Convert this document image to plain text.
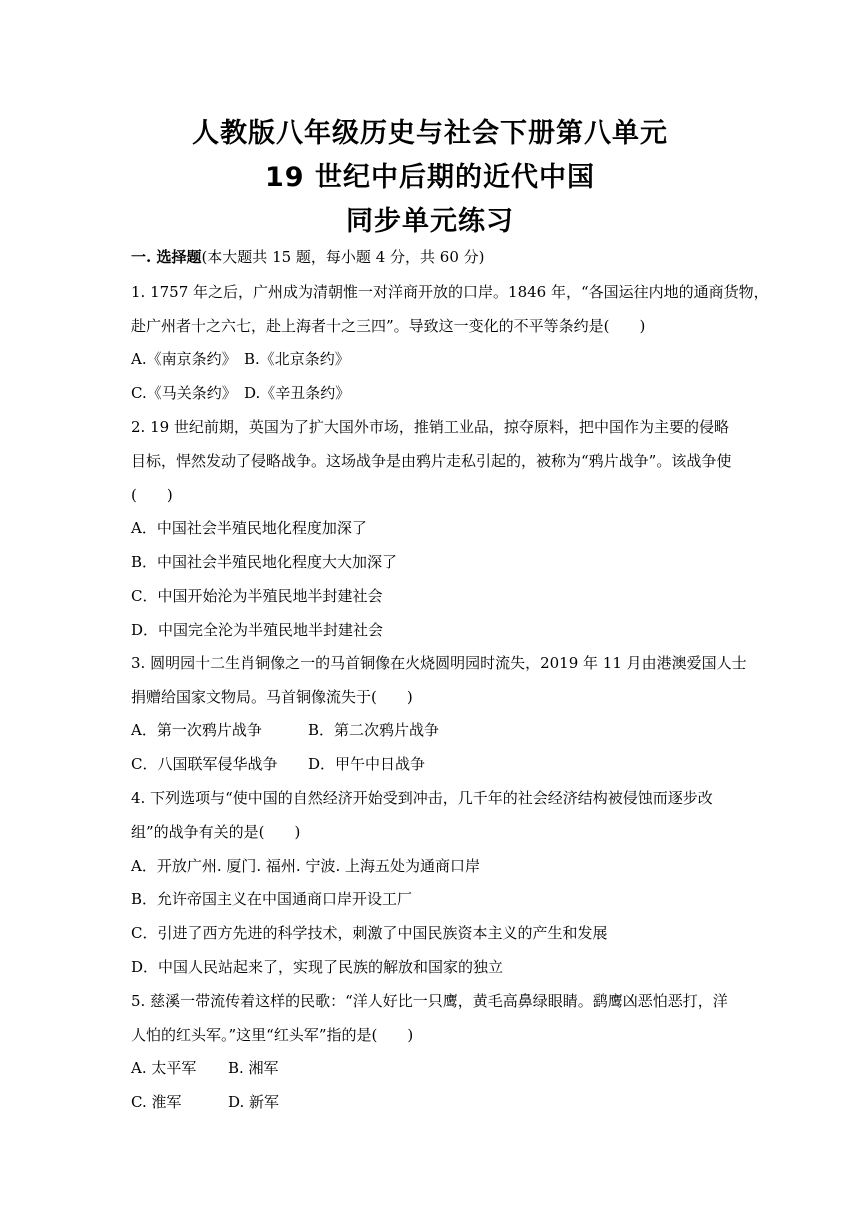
人教版八年级历史与社会下册第八单元
19 世纪中后期的近代中国
同步单元练习
一. 选择题(本大题共 15 题，每小题 4 分，共 60 分)
1. 1757 年之后，广州成为清朝惟一对洋商开放的口岸。1846 年，“各国运往内地的通商货物，
赴广州者十之六七，赴上海者十之三四”。导致这一变化的不平等条约是(　　)
A.《南京条约》 B.《北京条约》
C.《马关条约》 D.《辛丑条约》
2. 19 世纪前期，英国为了扩大国外市场，推销工业品，掠夺原料，把中国作为主要的侵略
目标，悍然发动了侵略战争。这场战争是由鸦片走私引起的，被称为“鸦片战争”。该战争使
(　　)
A．中国社会半殖民地化程度加深了
B．中国社会半殖民地化程度大大加深了
C．中国开始沦为半殖民地半封建社会
D．中国完全沦为半殖民地半封建社会
3. 圆明园十二生肖铜像之一的马首铜像在火烧圆明园时流失，2019 年 11 月由港澳爱国人士
捐赠给国家文物局。马首铜像流失于(　　)
A．第一次鸦片战争	B．第二次鸦片战争
C．八国联军侵华战争 D．甲午中日战争
4. 下列选项与“使中国的自然经济开始受到冲击，几千年的社会经济结构被侵蚀而逐步改
组”的战争有关的是(　　)
A．开放广州. 厦门. 福州. 宁波. 上海五处为通商口岸
B．允许帝国主义在中国通商口岸开设工厂
C．引进了西方先进的科学技术，刺激了中国民族资本主义的产生和发展
D．中国人民站起来了，实现了民族的解放和国家的独立
5. 慈溪一带流传着这样的民歌：“洋人好比一只鹰，黄毛高鼻绿眼睛。鹞鹰凶恶怕恶打，洋
人怕的红头军。”这里“红头军”指的是(　　)
A. 太平军 B. 湘军
C. 淮军	D. 新军
